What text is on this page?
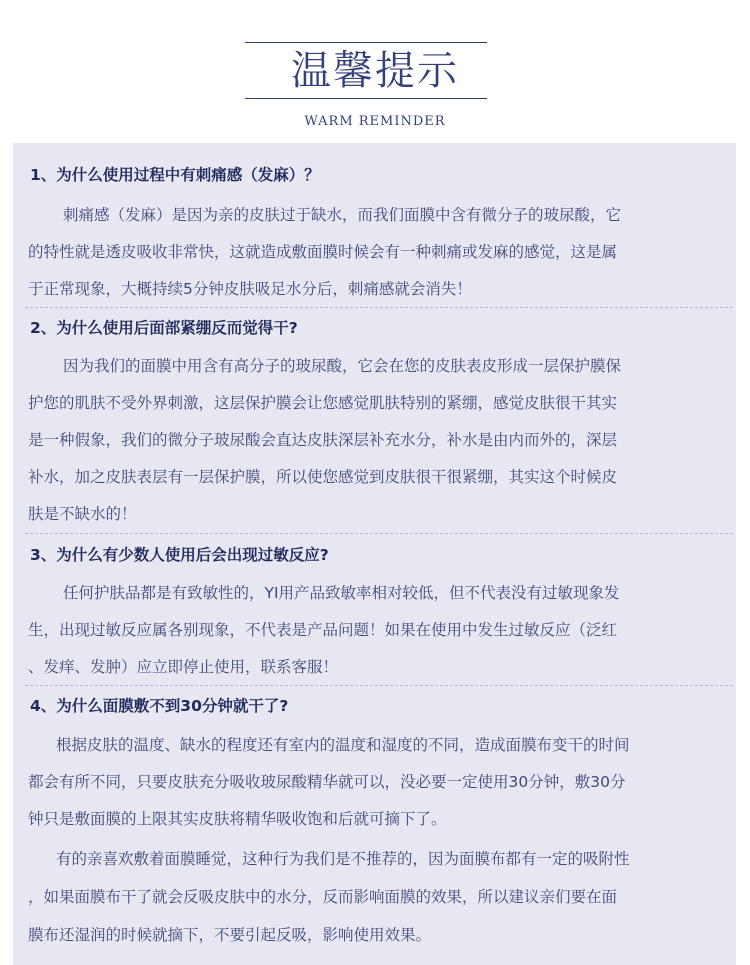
温馨提示
WARM REMINDER
1、为什么使用过程中有刺痛感（发麻）？
刺痛感（发麻）是因为亲的皮肤过于缺水，而我们面膜中含有微分子的玻尿酸，它
的特性就是透皮吸收非常快，这就造成敷面膜时候会有一种刺痛或发麻的感觉，这是属
于正常现象，大概持续5分钟皮肤吸足水分后，刺痛感就会消失！
2、为什么使用后面部紧绷反而觉得干?
因为我们的面膜中用含有高分子的玻尿酸，它会在您的皮肤表皮形成一层保护膜保
护您的肌肤不受外界刺激，这层保护膜会让您感觉肌肤特别的紧绷，感觉皮肤很干其实
是一种假象，我们的微分子玻尿酸会直达皮肤深层补充水分，补水是由内而外的，深层
补水，加之皮肤表层有一层保护膜，所以使您感觉到皮肤很干很紧绷，其实这个时候皮
肤是不缺水的！
3、为什么有少数人使用后会出现过敏反应?
任何护肤品都是有致敏性的，YI用产品致敏率相对较低，但不代表没有过敏现象发
生，出现过敏反应属各别现象，不代表是产品问题！如果在使用中发生过敏反应（泛红
、发痒、发肿）应立即停止使用，联系客服！
4、为什么面膜敷不到30分钟就干了?
根据皮肤的温度、缺水的程度还有室内的温度和湿度的不同，造成面膜布变干的时间
都会有所不同，只要皮肤充分吸收玻尿酸精华就可以，没必要一定使用30分钟，敷30分
钟只是敷面膜的上限其实皮肤将精华吸收饱和后就可摘下了。
有的亲喜欢敷着面膜睡觉，这种行为我们是不推荐的，因为面膜布都有一定的吸附性
，如果面膜布干了就会反吸皮肤中的水分，反而影响面膜的效果，所以建议亲们要在面
膜布还湿润的时候就摘下，不要引起反吸，影响使用效果。
